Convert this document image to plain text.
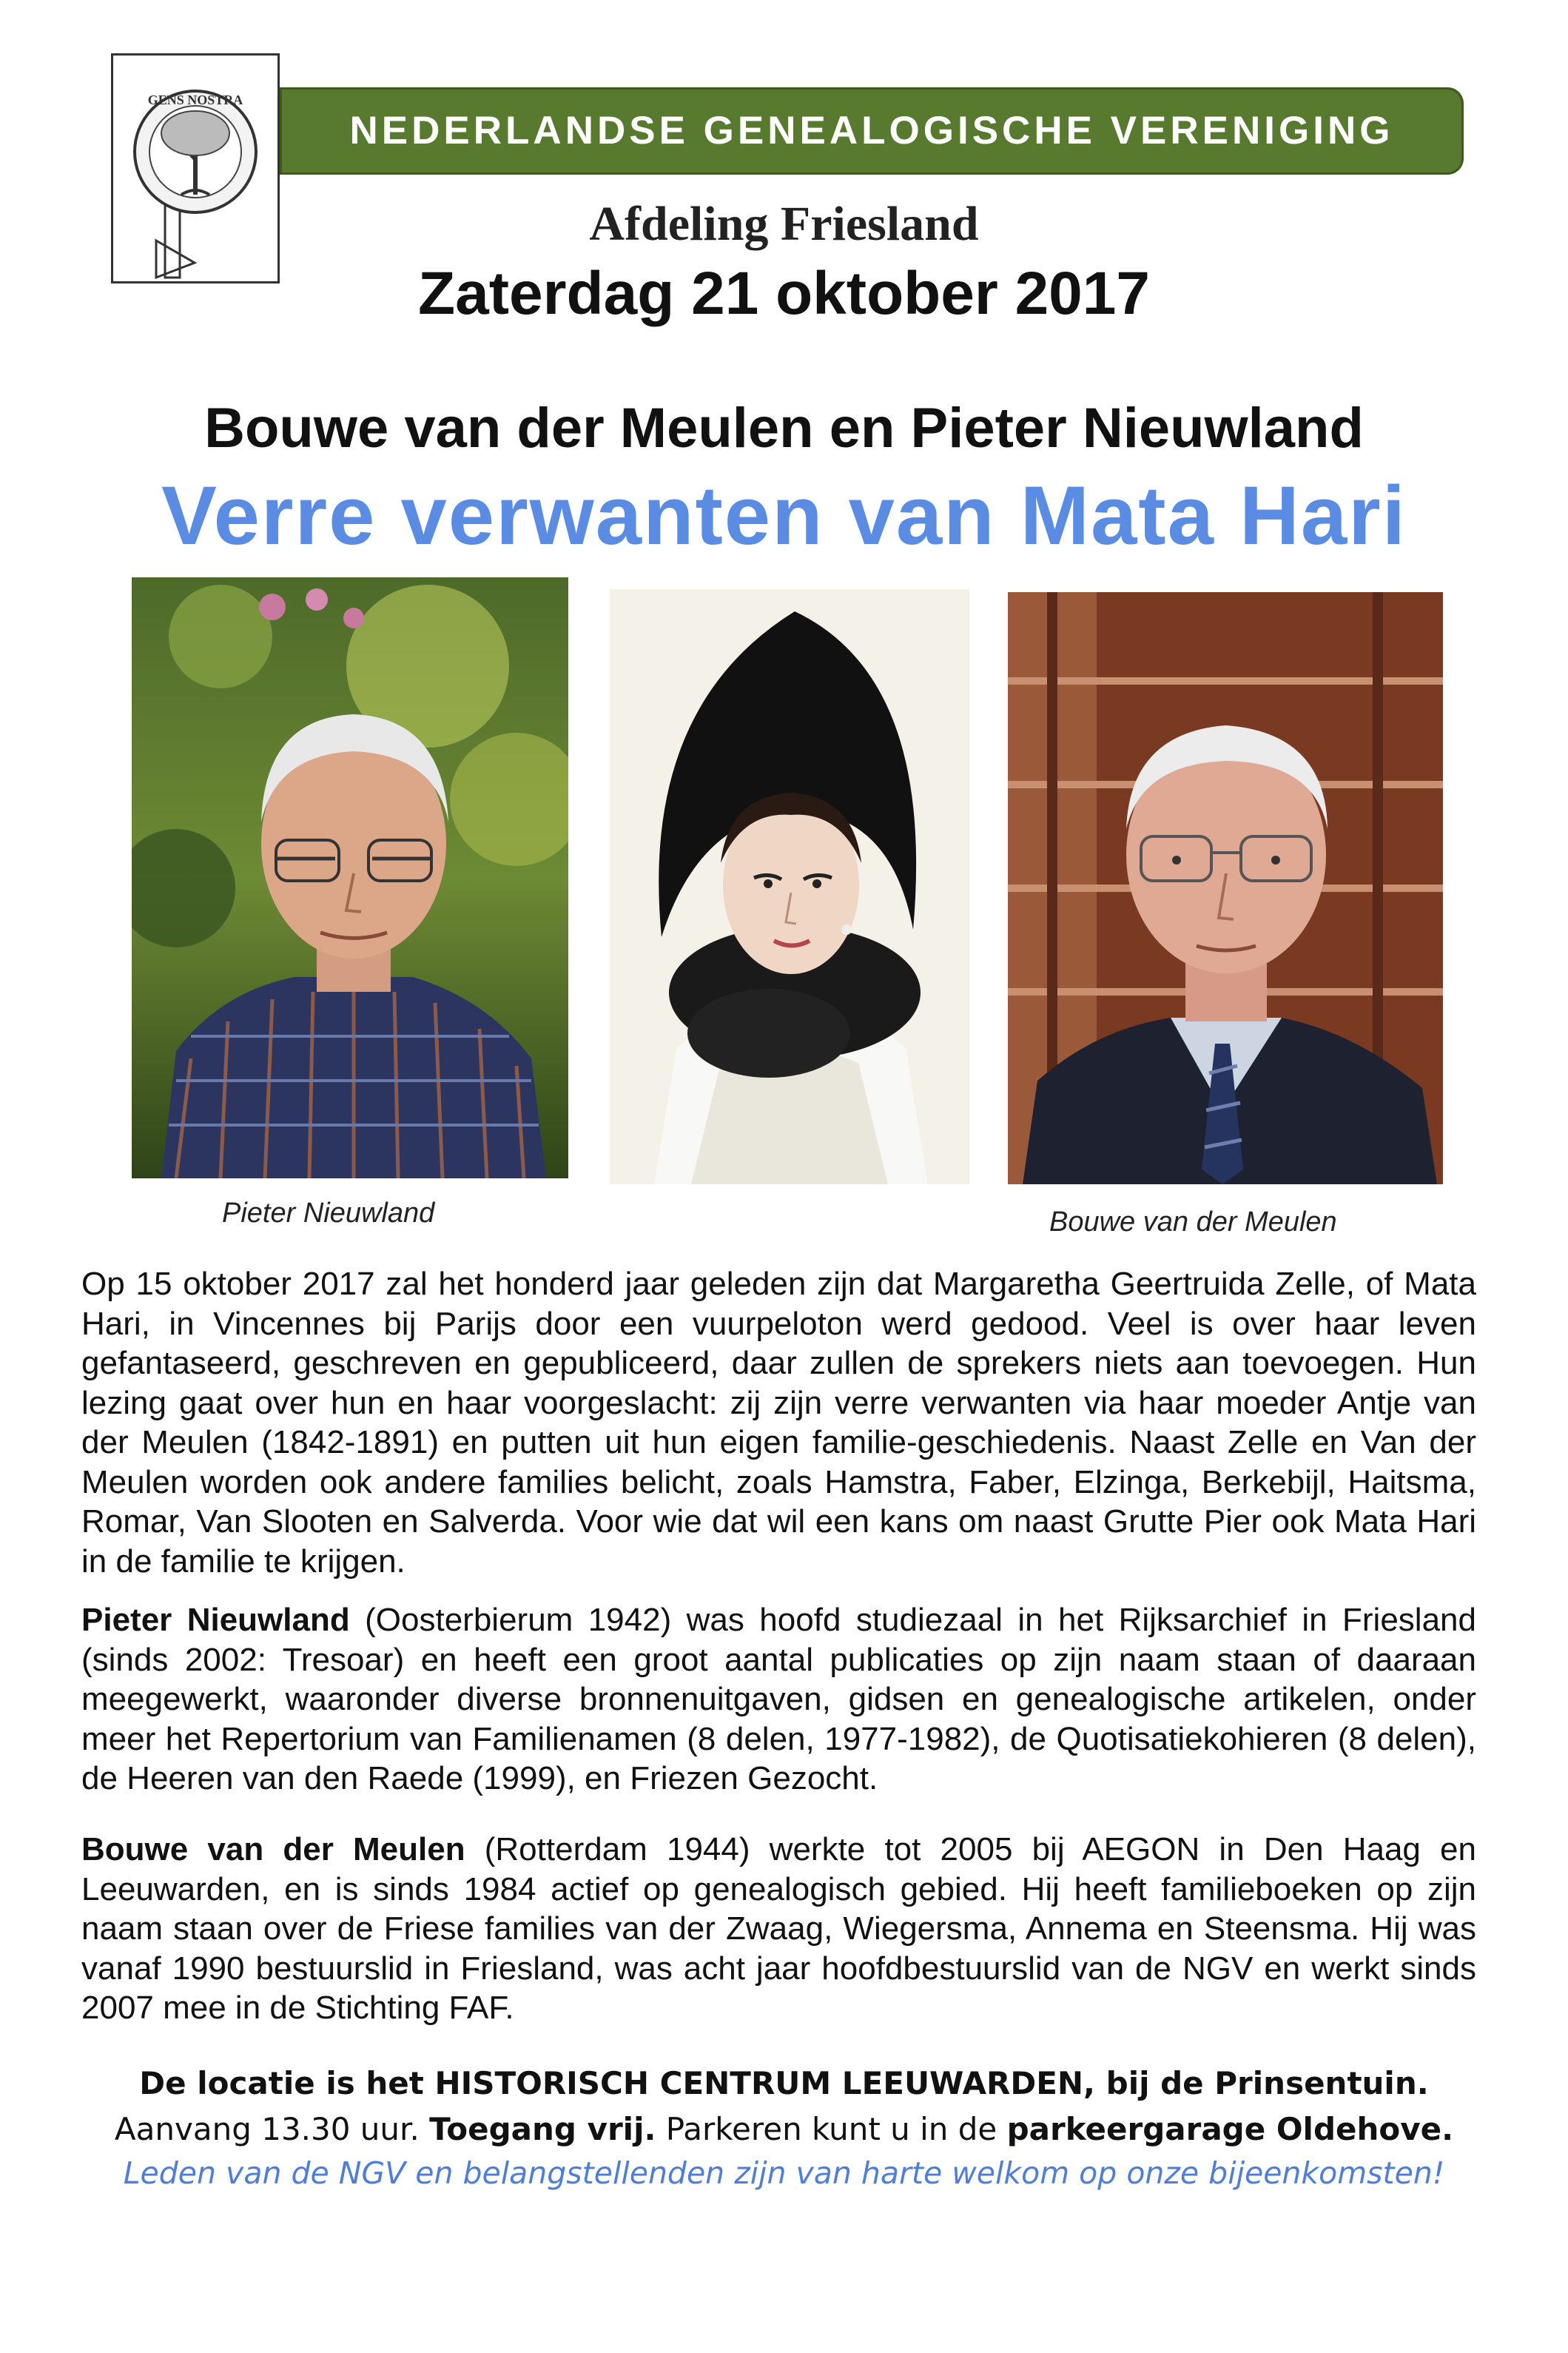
GENS NOSTRA
NEDERLANDSE GENEALOGISCHE VERENIGING
Afdeling Friesland
Zaterdag 21 oktober 2017
Bouwe van der Meulen en Pieter Nieuwland
Verre verwanten van Mata Hari
Pieter Nieuwland	Bouwe van der Meulen
Op 15 oktober 2017 zal het honderd jaar geleden zijn dat Margaretha Geertruida Zelle, of Mata Hari, in Vincennes bij Parijs door een vuurpeloton werd gedood. Veel is over haar leven gefantaseerd, geschreven en gepubliceerd, daar zullen de sprekers niets aan toevoegen. Hun lezing gaat over hun en haar voorgeslacht: zij zijn verre verwanten via haar moeder Antje van der Meulen (1842-1891) en putten uit hun eigen familie-geschiedenis. Naast Zelle en Van der Meulen worden ook andere families belicht, zoals Hamstra, Faber, Elzinga, Berkebijl, Haitsma, Romar, Van Slooten en Salverda. Voor wie dat wil een kans om naast Grutte Pier ook Mata Hari in de familie te krijgen.
Pieter Nieuwland (Oosterbierum 1942) was hoofd studiezaal in het Rijksarchief in Friesland (sinds 2002: Tresoar) en heeft een groot aantal publicaties op zijn naam staan of daaraan meegewerkt, waaronder diverse bronnenuitgaven, gidsen en genealogische artikelen, onder meer het Repertorium van Familienamen (8 delen, 1977-1982), de Quotisatiekohieren (8 delen), de Heeren van den Raede (1999), en Friezen Gezocht.
Bouwe van der Meulen (Rotterdam 1944) werkte tot 2005 bij AEGON in Den Haag en Leeuwarden, en is sinds 1984 actief op genealogisch gebied. Hij heeft familieboeken op zijn naam staan over de Friese families van der Zwaag, Wiegersma, Annema en Steensma. Hij was vanaf 1990 bestuurslid in Friesland, was acht jaar hoofdbestuurslid van de NGV en werkt sinds 2007 mee in de Stichting FAF.
De locatie is het HISTORISCH CENTRUM LEEUWARDEN, bij de Prinsentuin.
Aanvang 13.30 uur. Toegang vrij. Parkeren kunt u in de parkeergarage Oldehove.
Leden van de NGV en belangstellenden zijn van harte welkom op onze bijeenkomsten!
